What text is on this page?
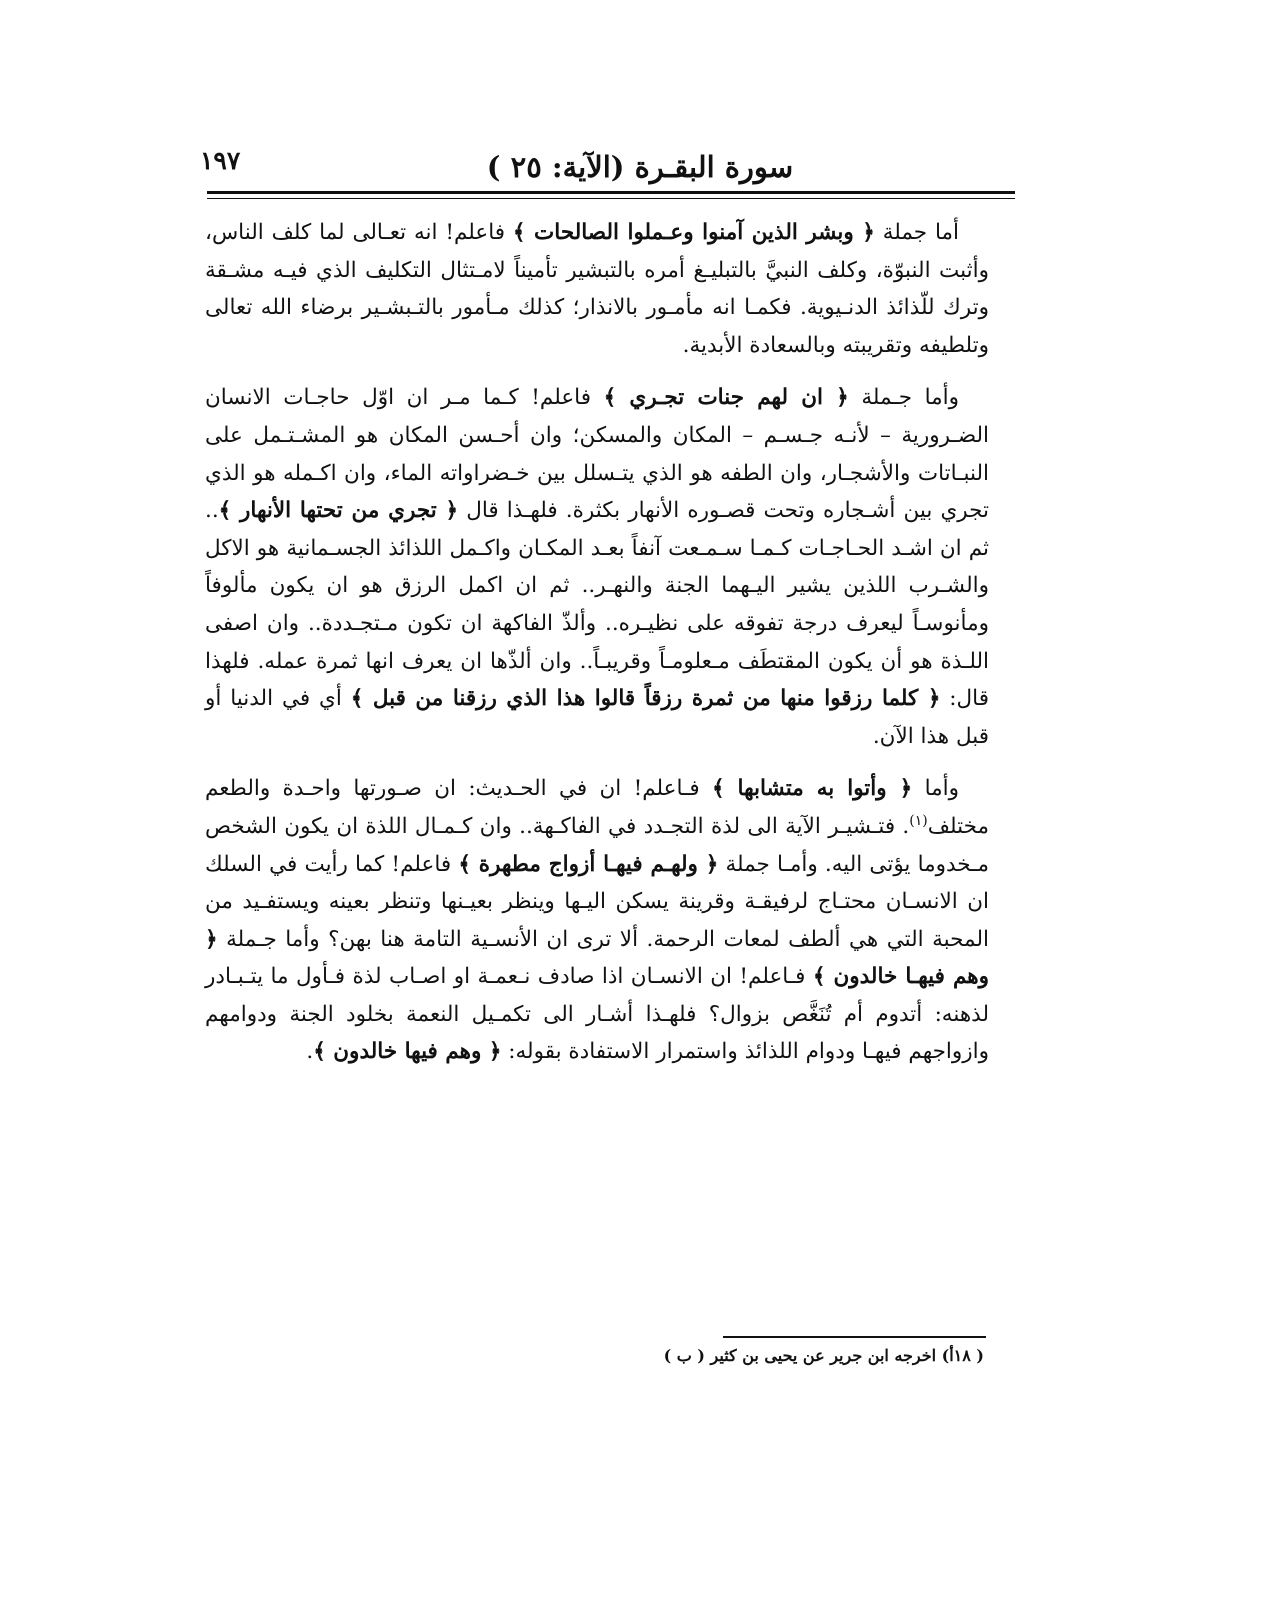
١٩٧	سورة البقـرة (الآية: ٢٥ )

أما جملة ﴿ وبشر الذين آمنوا وعـملوا الصالحات ﴾ فاعلم! انه تعـالى لما كلف الناس، وأثبت النبوّة، وكلف النبيَّ بالتبليـغ أمره بالتبشير تأميناً لامـتثال التكليف الذي فيـه مشـقة وترك للّذائذ الدنـيوية. فكمـا انه مأمـور بالانذار؛ كذلك مـأمور بالتـبشـير برضاء الله تعالى وتلطيفه وتقريبته وبالسعادة الأبدية.

وأما جـملة ﴿ ان لهم جنات تجـري ﴾ فاعلم! كـما مـر ان اوّل حاجـات الانسان الضـرورية – لأنـه جـسـم – المكان والمسكن؛ وان أحـسن المكان هو المشـتـمل على النبـاتات والأشجـار، وان الطفه هو الذي يتـسلل بين خـضراواته الماء، وان اكـمله هو الذي تجري بين أشـجاره وتحت قصـوره الأنهار بكثرة. فلهـذا قال ﴿ تجري من تحتها الأنهار ﴾.. ثم ان اشـد الحـاجـات كـمـا سـمـعت آنفاً بعـد المكـان واكـمل اللذائذ الجسـمانية هو الاكل والشـرب اللذين يشير اليـهما الجنة والنهـر.. ثم ان اكمل الرزق هو ان يكون مألوفاً ومأنوسـاً ليعرف درجة تفوقه على نظيـره.. وألذّ الفاكهة ان تكون مـتجـددة.. وان اصفى اللـذة هو أن يكون المقتطَف مـعلومـاً وقريبـاً.. وان ألذّها ان يعرف انها ثمرة عمله. فلهذا قال: ﴿ كلما رزقوا منها من ثمرة رزقاً قالوا هذا الذي رزقنا من قبل ﴾ أي في الدنيا أو قبل هذا الآن.

وأما ﴿ وأتوا به متشابها ﴾ فـاعلم! ان في الحـديث: ان صـورتها واحـدة والطعم مختلف$^{(١)}$. فتـشيـر الآية الى لذة التجـدد في الفاكـهة.. وان كـمـال اللذة ان يكون الشخص مـخدوما يؤتى اليه. وأمـا جملة ﴿ ولهـم فيهـا أزواج مطهرة ﴾ فاعلم! كما رأيت في السلك ان الانسـان محتـاج لرفيقـة وقرينة يسكن اليـها وينظر بعيـنها وتنظر بعينه ويستفـيد من المحبة التي هي ألطف لمعات الرحمة. ألا ترى ان الأنسـية التامة هنا بهن؟ وأما جـملة ﴿ وهم فيهـا خالدون ﴾ فـاعلم! ان الانسـان اذا صادف نـعمـة او اصـاب لذة فـأول ما يتـبـادر لذهنه: أتدوم أم تُنَغَّص بزوال؟ فلهـذا أشـار الى تكمـيل النعمة بخلود الجنة ودوامهم وازواجهم فيهـا ودوام اللذائذ واستمرار الاستفادة بقوله: ﴿ وهم فيها خالدون ﴾.

( ١٨أ) اخرجه ابن جرير عن يحيى بن كثير ( ب )
